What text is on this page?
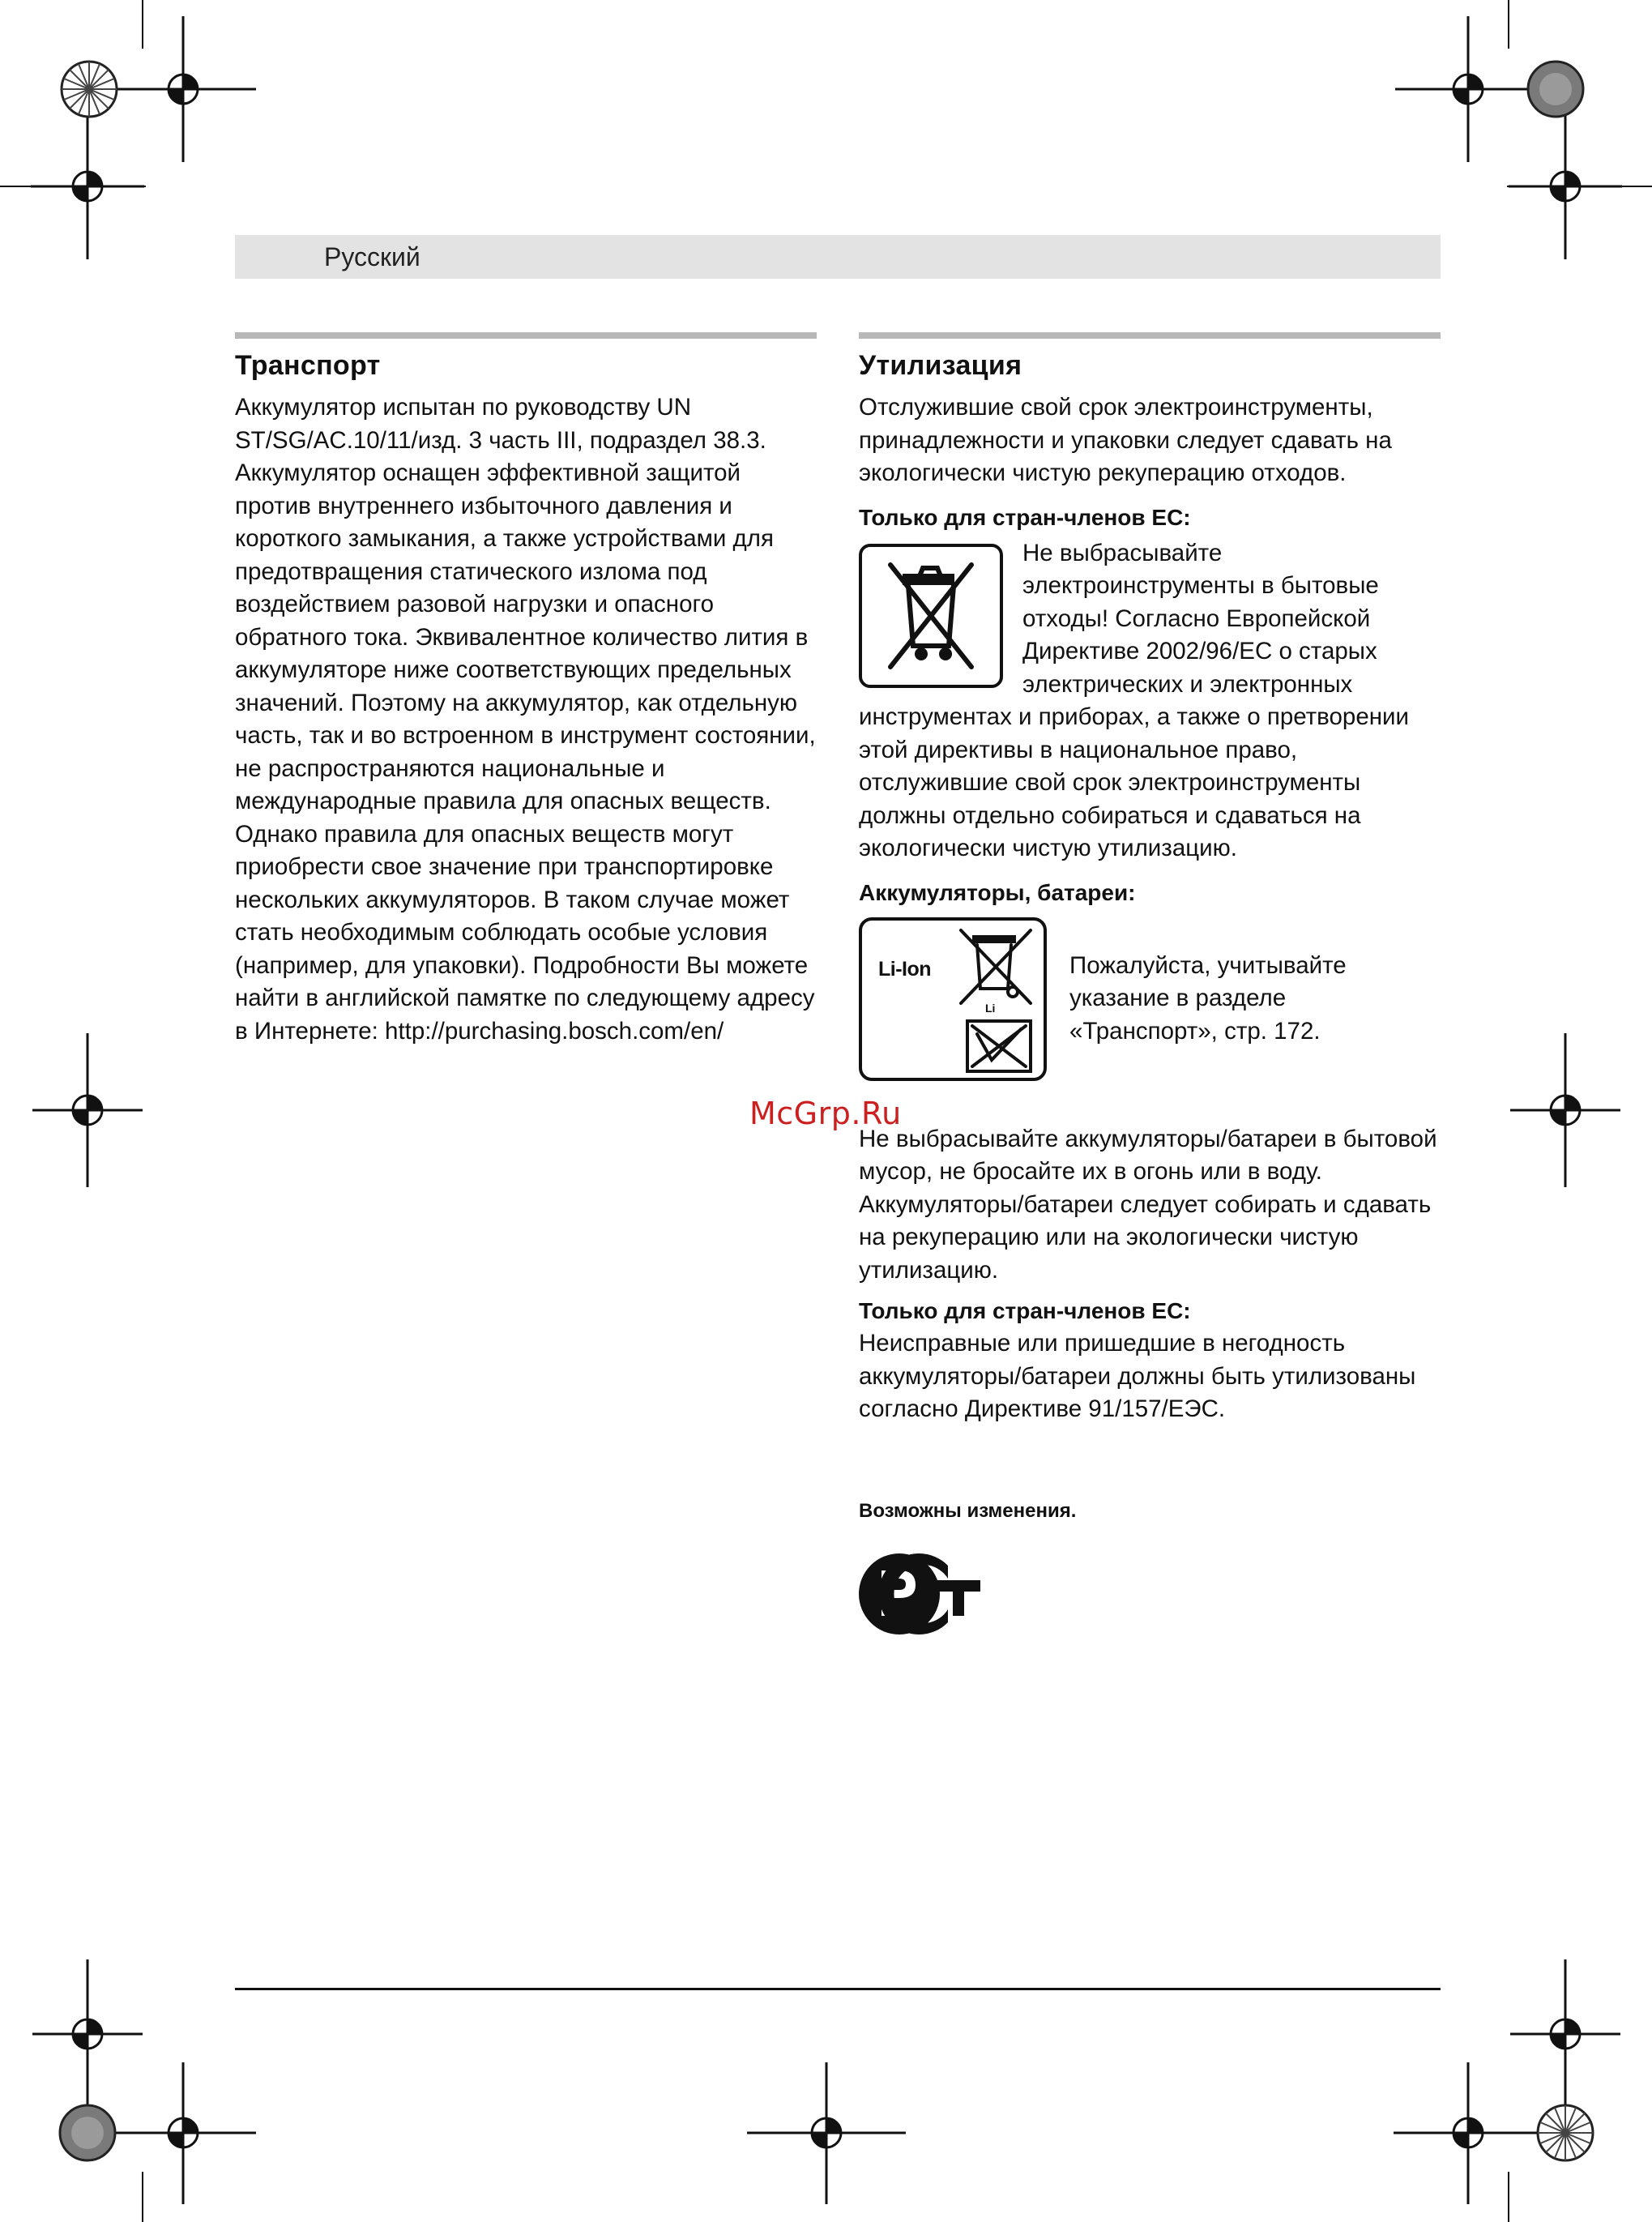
Русский
Транспорт

Аккумулятор испытан по руководству UN ST/SG/AC.10/11/изд. 3 часть III, подраздел 38.3. Аккумулятор оснащен эффективной защитой против внутреннего избыточного давления и короткого замыкания, а также устройствами для предотвращения статического излома под воздействием разовой нагрузки и опасного обратного тока. Эквивалентное количество лития в аккумуляторе ниже соответствующих предельных значений. Поэтому на аккумулятор, как отдельную часть, так и во встроенном в инструмент состоянии, не распространяются национальные и международные правила для опасных веществ. Однако правила для опасных веществ могут приобрести свое значение при транспортировке нескольких аккумуляторов. В таком случае может стать необходимым соблюдать особые условия (например, для упаковки). Подробности Вы можете найти в английской памятке по следующему адресу в Интернете: http://purchasing.bosch.com/en/

Утилизация

Отслужившие свой срок электроинструменты, принадлежности и упаковки следует сдавать на экологически чистую рекуперацию отходов.

Только для стран-членов ЕС:

Не выбрасывайте электроинструменты в бытовые отходы! Согласно Европейской Директиве 2002/96/ЕС о старых электрических и электронных инструментах и приборах, а также о претворении этой директивы в национальное право, отслужившие свой срок электроинструменты должны отдельно собираться и сдаваться на экологически чистую утилизацию.

Аккумуляторы, батареи:
Li-Ion
Li
Пожалуйста, учитывайте указание в разделе «Транспорт», стр. 172.

Не выбрасывайте аккумуляторы/батареи в бытовой мусор, не бросайте их в огонь или в воду. Аккумуляторы/батареи следует собирать и сдавать на рекуперацию или на экологически чистую утилизацию.

Только для стран-членов ЕС:

Неисправные или пришедшие в негодность аккумуляторы/батареи должны быть утилизованы согласно Директиве 91/157/ЕЭС.

McGrp.Ru
Возможны изменения.
